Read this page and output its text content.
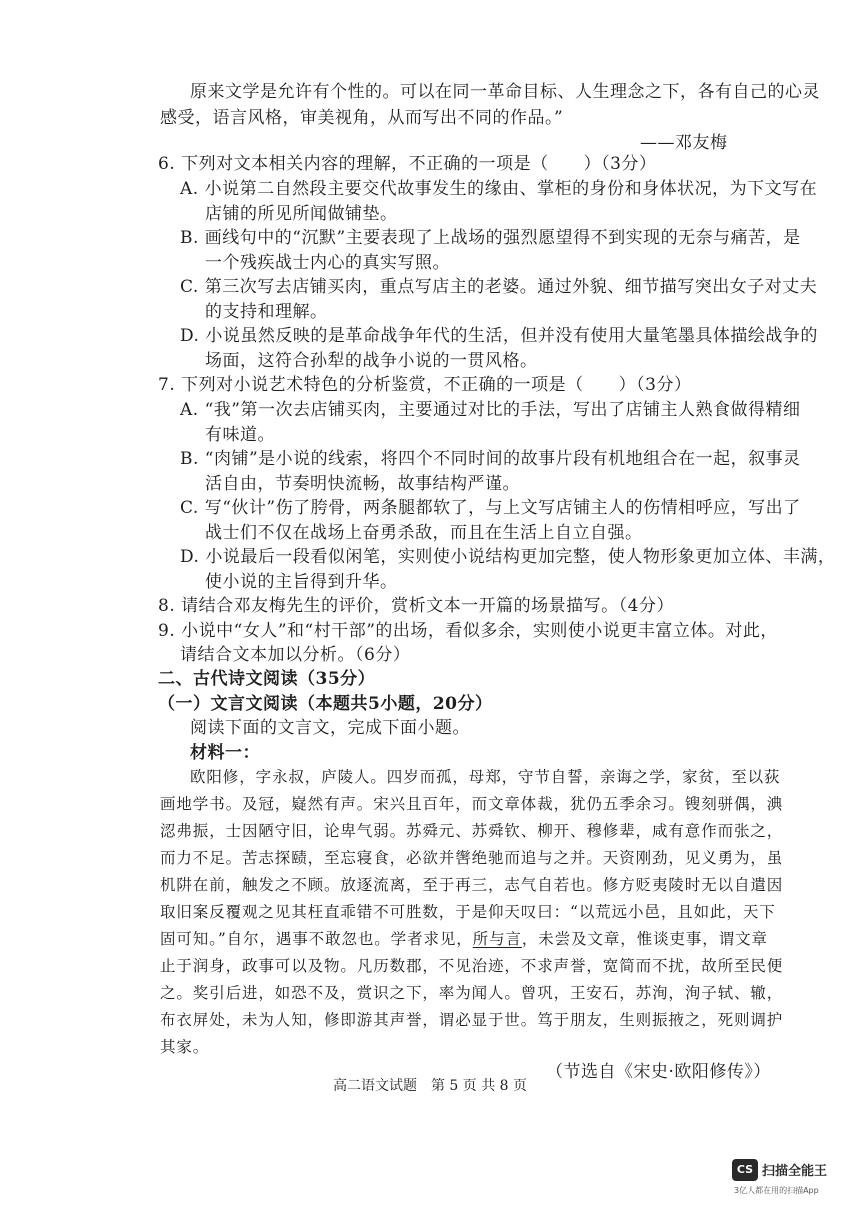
原来文学是允许有个性的。可以在同一革命目标、人生理念之下，各有自己的心灵
感受，语言风格，审美视角，从而写出不同的作品。”
——邓友梅
6. 下列对文本相关内容的理解，不正确的一项是（　　）（3分）
A. 小说第二自然段主要交代故事发生的缘由、掌柜的身份和身体状况，为下文写在
店铺的所见所闻做铺垫。
B. 画线句中的“沉默”主要表现了上战场的强烈愿望得不到实现的无奈与痛苦，是
一个残疾战士内心的真实写照。
C. 第三次写去店铺买肉，重点写店主的老婆。通过外貌、细节描写突出女子对丈夫
的支持和理解。
D. 小说虽然反映的是革命战争年代的生活，但并没有使用大量笔墨具体描绘战争的
场面，这符合孙犁的战争小说的一贯风格。
7. 下列对小说艺术特色的分析鉴赏，不正确的一项是（　　）（3分）
A. “我”第一次去店铺买肉，主要通过对比的手法，写出了店铺主人熟食做得精细
有味道。
B. “肉铺”是小说的线索，将四个不同时间的故事片段有机地组合在一起，叙事灵
活自由，节奏明快流畅，故事结构严谨。
C. 写“伙计”伤了胯骨，两条腿都软了，与上文写店铺主人的伤情相呼应，写出了
战士们不仅在战场上奋勇杀敌，而且在生活上自立自强。
D. 小说最后一段看似闲笔，实则使小说结构更加完整，使人物形象更加立体、丰满，
使小说的主旨得到升华。
8. 请结合邓友梅先生的评价，赏析文本一开篇的场景描写。（4分）
9. 小说中“女人”和“村干部”的出场，看似多余，实则使小说更丰富立体。对此，
请结合文本加以分析。（6分）
二、古代诗文阅读（35分）
（一）文言文阅读（本题共5小题，20分）
阅读下面的文言文，完成下面小题。
材料一：
欧阳修，字永叔，庐陵人。四岁而孤，母郑，守节自誓，亲诲之学，家贫，至以荻
画地学书。及冠，嶷然有声。宋兴且百年，而文章体裁，犹仍五季余习。锼刻骈偶，淟
涊弗振，士因陋守旧，论卑气弱。苏舜元、苏舜钦、柳开、穆修辈，咸有意作而张之，
而力不足。苦志探赜，至忘寝食，必欲并辔绝驰而追与之并。天资刚劲，见义勇为，虽
机阱在前，触发之不顾。放逐流离，至于再三，志气自若也。修方贬夷陵时无以自遣因
取旧案反覆观之见其枉直乖错不可胜数，于是仰天叹曰：“以荒远小邑，且如此，天下
固可知。”自尔，遇事不敢忽也。学者求见，所与言，未尝及文章，惟谈吏事，谓文章
止于润身，政事可以及物。凡历数郡，不见治迹，不求声誉，宽简而不扰，故所至民便
之。奖引后进，如恐不及，赏识之下，率为闻人。曾巩，王安石，苏洵，洵子轼、辙，
布衣屏处，未为人知，修即游其声誉，谓必显于世。笃于朋友，生则振掖之，死则调护
其家。
（节选自《宋史·欧阳修传》）
高二语文试题　第 5 页 共 8 页
CS 扫描全能王
3亿人都在用的扫描App
